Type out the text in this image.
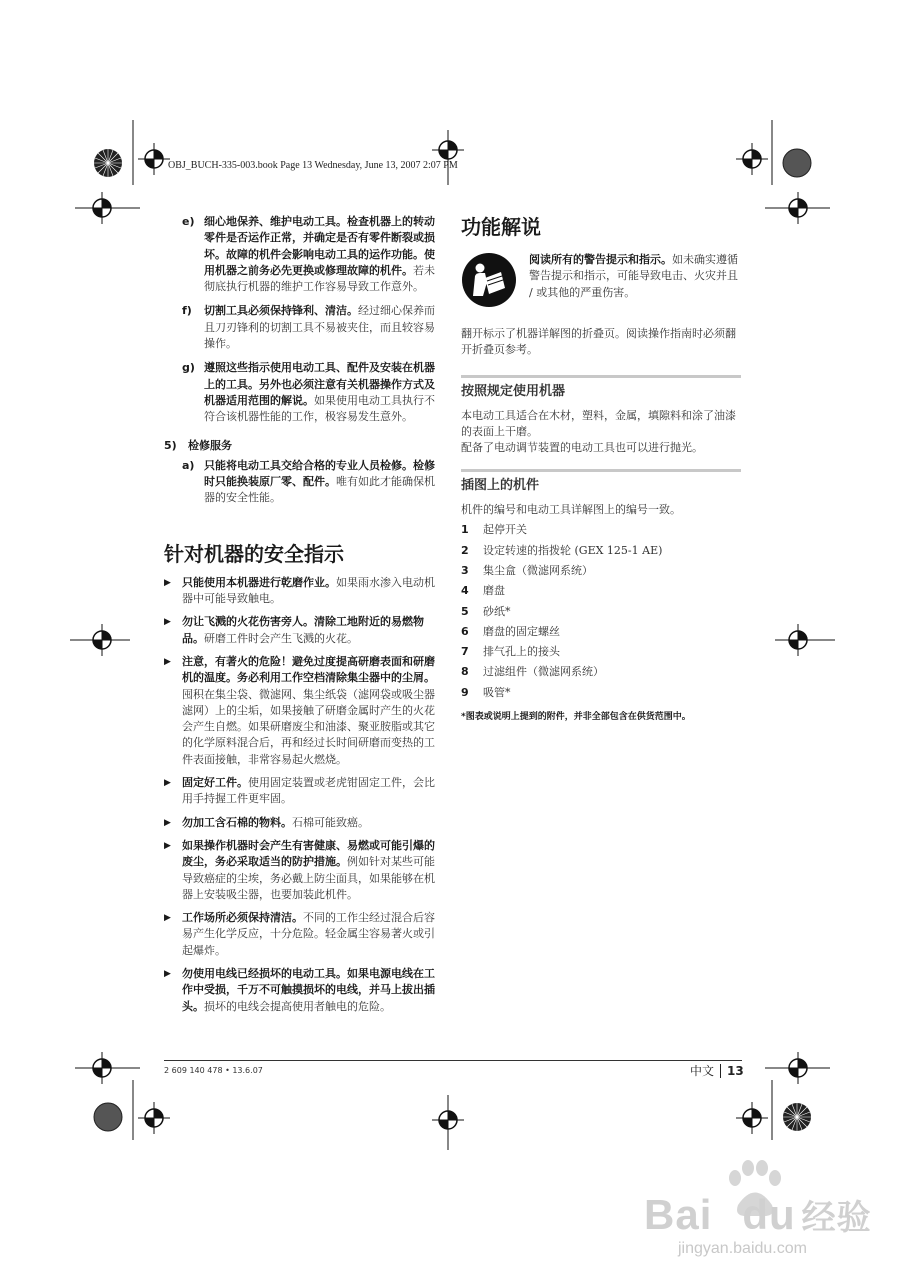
OBJ_BUCH-335-003.book Page 13 Wednesday, June 13, 2007 2:07 PM
e) 细心地保养、维护电动工具。检查机器上的转动零件是否运作正常，并确定是否有零件断裂或损坏。故障的机件会影响电动工具的运作功能。使用机器之前务必先更换或修理故障的机件。若未彻底执行机器的维护工作容易导致工作意外。
f)	切割工具必须保持锋利、清洁。经过细心保养而且刀刃锋利的切割工具不易被夹住，而且较容易操作。
g) 遵照这些指示使用电动工具、配件及安装在机器上的工具。另外也必须注意有关机器操作方式及机器适用范围的解说。如果使用电动工具执行不符合该机器性能的工作，极容易发生意外。
5) 检修服务
a) 只能将电动工具交给合格的专业人员检修。检修时只能换装原厂零、配件。唯有如此才能确保机器的安全性能。
针对机器的安全指示
▶ 只能使用本机器进行乾磨作业。如果雨水渗入电动机器中可能导致触电。
▶ 勿让飞溅的火花伤害旁人。清除工地附近的易燃物品。研磨工件时会产生飞溅的火花。
▶ 注意，有著火的危险！避免过度提高研磨表面和研磨机的温度。务必利用工作空档清除集尘器中的尘屑。囤积在集尘袋、微滤网、集尘纸袋（滤网袋或吸尘器滤网）上的尘垢，如果接触了研磨金属时产生的火花会产生自燃。如果研磨废尘和油漆、聚亚胺脂或其它的化学原料混合后，再和经过长时间研磨而变热的工件表面接触，非常容易起火燃烧。
▶ 固定好工件。使用固定装置或老虎钳固定工件，会比用手持握工件更牢固。
▶ 勿加工含石棉的物料。石棉可能致癌。
▶ 如果操作机器时会产生有害健康、易燃或可能引爆的废尘，务必采取适当的防护措施。例如针对某些可能导致癌症的尘埃，务必戴上防尘面具，如果能够在机器上安装吸尘器，也要加装此机件。
▶ 工作场所必须保持清洁。不同的工作尘经过混合后容易产生化学反应，十分危险。轻金属尘容易著火或引起爆炸。
▶ 勿使用电线已经损坏的电动工具。如果电源电线在工作中受损，千万不可触摸损坏的电线，并马上拔出插头。损坏的电线会提高使用者触电的危险。
功能解说
阅读所有的警告提示和指示。如未确实遵循警告提示和指示，可能导致电击、火灾并且 / 或其他的严重伤害。
翻开标示了机器详解图的折叠页。阅读操作指南时必须翻开折叠页参考。
按照规定使用机器
本电动工具适合在木材，塑料，金属，填隙料和涂了油漆的表面上干磨。
配备了电动调节装置的电动工具也可以进行抛光。
插图上的机件
机件的编号和电动工具详解图上的编号一致。
1	起停开关
2	设定转速的指拨轮 (GEX 125-1 AE)
3	集尘盒（微滤网系统）
4	磨盘
5	砂纸*
6	磨盘的固定螺丝
7	排气孔上的接头
8	过滤组件（微滤网系统）
9	吸管*
*图表或说明上提到的附件，并非全部包含在供货范围中。
2 609 140 478 • 13.6.07	中文 13
Bai du 经验
jingyan.baidu.com
